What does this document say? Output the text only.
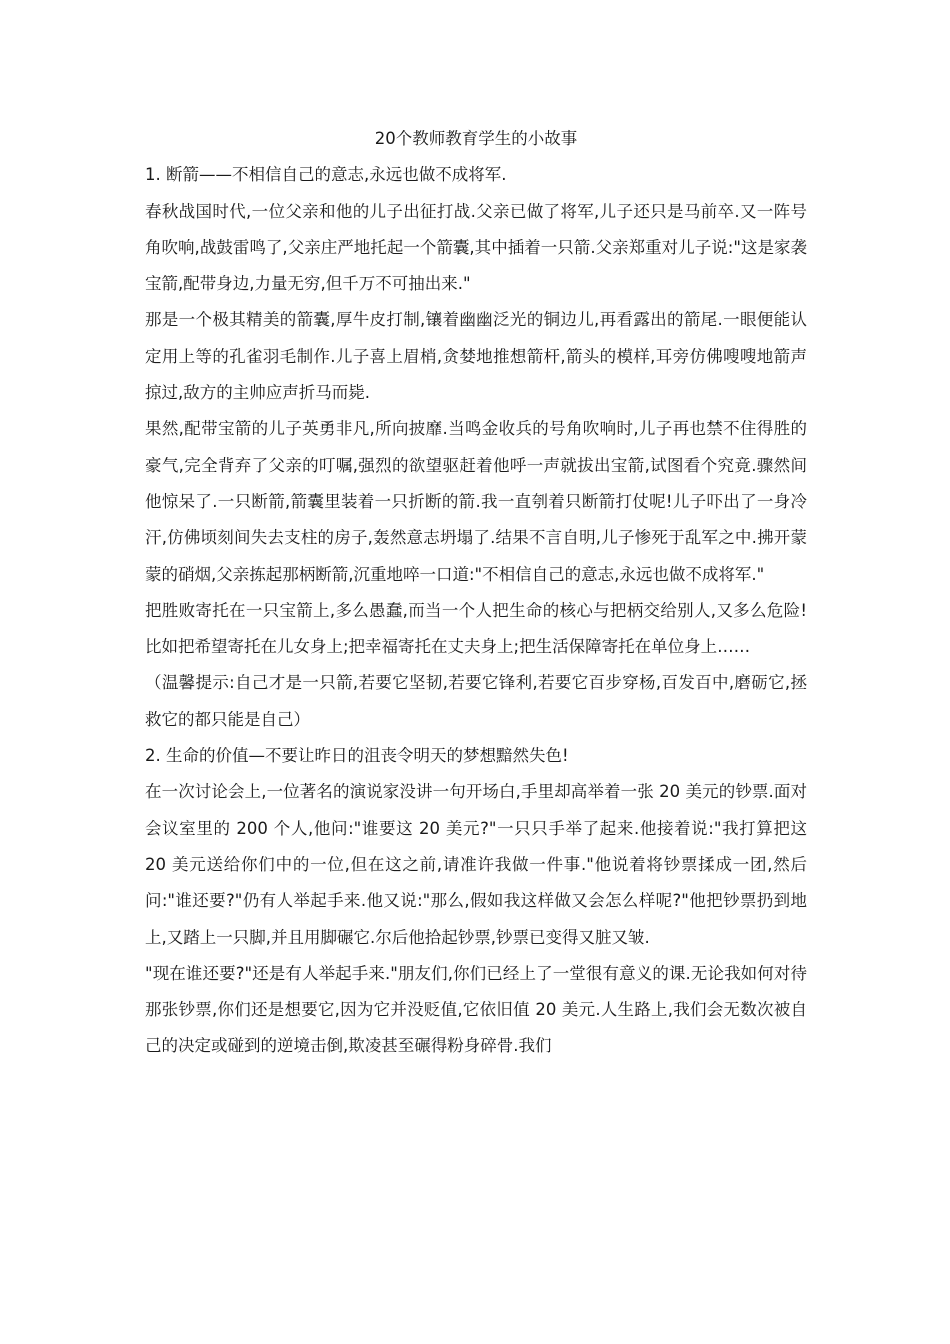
20个教师教育学生的小故事

1. 断箭——不相信自己的意志,永远也做不成将军.

春秋战国时代,一位父亲和他的儿子出征打战.父亲已做了将军,儿子还只是马前卒.又一阵号角吹响,战鼓雷鸣了,父亲庄严地托起一个箭囊,其中插着一只箭.父亲郑重对儿子说:"这是家袭宝箭,配带身边,力量无穷,但千万不可抽出来."

那是一个极其精美的箭囊,厚牛皮打制,镶着幽幽泛光的铜边儿,再看露出的箭尾.一眼便能认定用上等的孔雀羽毛制作.儿子喜上眉梢,贪婪地推想箭杆,箭头的模样,耳旁仿佛嗖嗖地箭声掠过,敌方的主帅应声折马而毙.

果然,配带宝箭的儿子英勇非凡,所向披靡.当鸣金收兵的号角吹响时,儿子再也禁不住得胜的豪气,完全背弃了父亲的叮嘱,强烈的欲望驱赶着他呼一声就拔出宝箭,试图看个究竟.骤然间他惊呆了.一只断箭,箭囊里装着一只折断的箭.我一直刳着只断箭打仗呢!儿子吓出了一身冷汗,仿佛顷刻间失去支柱的房子,轰然意志坍塌了.结果不言自明,儿子惨死于乱军之中.拂开蒙蒙的硝烟,父亲拣起那柄断箭,沉重地啐一口道:"不相信自己的意志,永远也做不成将军."

把胜败寄托在一只宝箭上,多么愚蠢,而当一个人把生命的核心与把柄交给别人,又多么危险!比如把希望寄托在儿女身上;把幸福寄托在丈夫身上;把生活保障寄托在单位身上……

（温馨提示:自己才是一只箭,若要它坚韧,若要它锋利,若要它百步穿杨,百发百中,磨砺它,拯救它的都只能是自己）

2. 生命的价值—不要让昨日的沮丧令明天的梦想黯然失色!

在一次讨论会上,一位著名的演说家没讲一句开场白,手里却高举着一张 20 美元的钞票.面对会议室里的 200 个人,他问:"谁要这 20 美元?"一只只手举了起来.他接着说:"我打算把这 20 美元送给你们中的一位,但在这之前,请准许我做一件事."他说着将钞票揉成一团,然后问:"谁还要?"仍有人举起手来.他又说:"那么,假如我这样做又会怎么样呢?"他把钞票扔到地上,又踏上一只脚,并且用脚碾它.尔后他拾起钞票,钞票已变得又脏又皱.

"现在谁还要?"还是有人举起手来."朋友们,你们已经上了一堂很有意义的课.无论我如何对待那张钞票,你们还是想要它,因为它并没贬值,它依旧值 20 美元.人生路上,我们会无数次被自己的决定或碰到的逆境击倒,欺凌甚至碾得粉身碎骨.我们
